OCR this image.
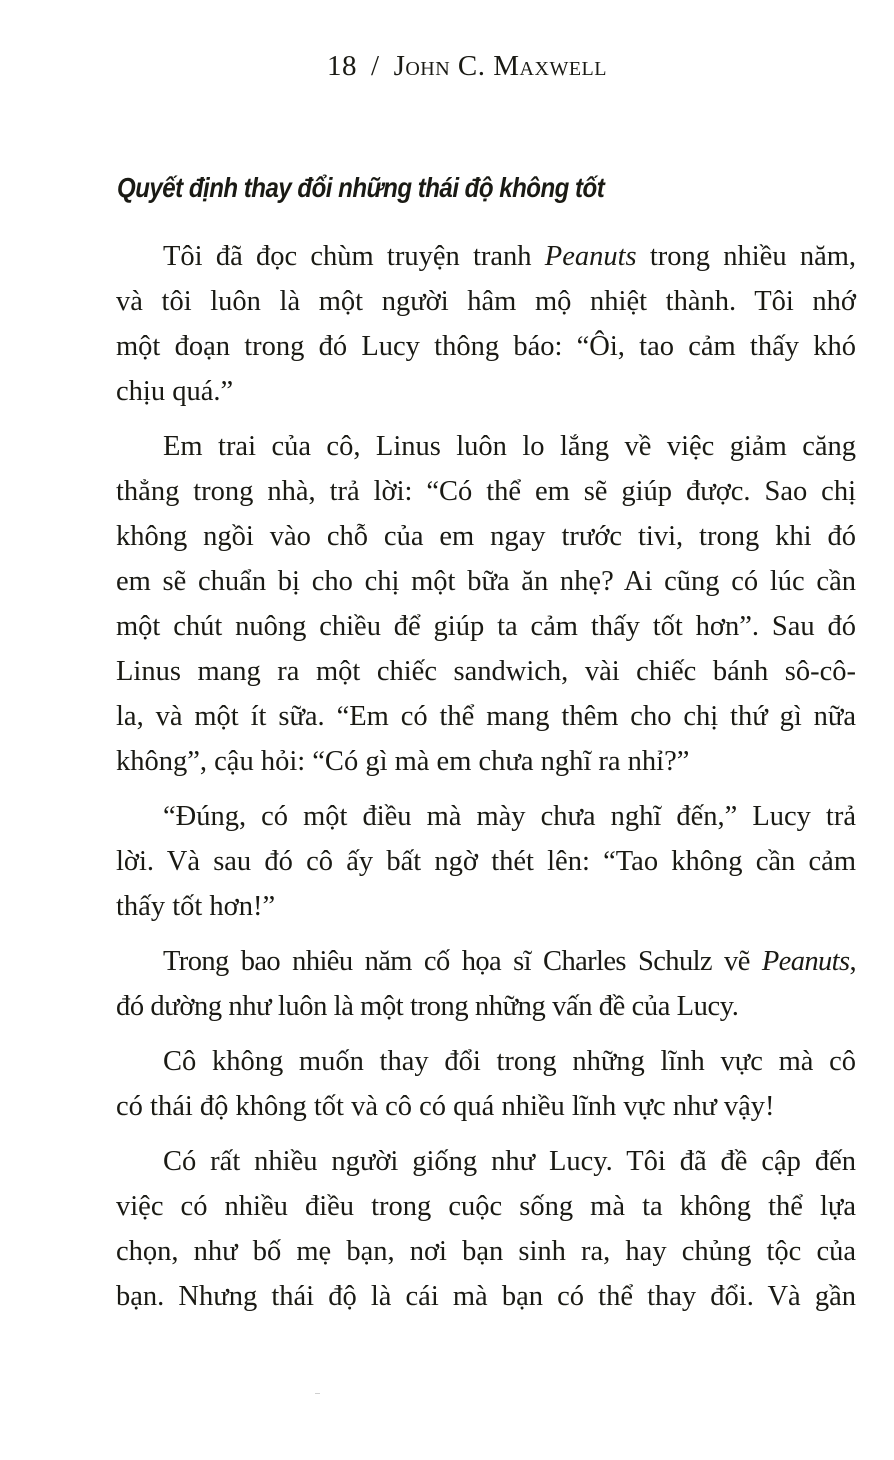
18 / John C. Maxwell
Quyết định thay đổi những thái độ không tốt

Tôi đã đọc chùm truyện tranh Peanuts trong nhiều năm,
và tôi luôn là một người hâm mộ nhiệt thành. Tôi nhớ
một đoạn trong đó Lucy thông báo: “Ôi, tao cảm thấy khó
chịu quá.”

Em trai của cô, Linus luôn lo lắng về việc giảm căng
thẳng trong nhà, trả lời: “Có thể em sẽ giúp được. Sao chị
không ngồi vào chỗ của em ngay trước tivi, trong khi đó
em sẽ chuẩn bị cho chị một bữa ăn nhẹ? Ai cũng có lúc cần
một chút nuông chiều để giúp ta cảm thấy tốt hơn”. Sau đó
Linus mang ra một chiếc sandwich, vài chiếc bánh sô-cô-
la, và một ít sữa. “Em có thể mang thêm cho chị thứ gì nữa
không”, cậu hỏi: “Có gì mà em chưa nghĩ ra nhỉ?”

“Đúng, có một điều mà mày chưa nghĩ đến,” Lucy trả
lời. Và sau đó cô ấy bất ngờ thét lên: “Tao không cần cảm
thấy tốt hơn!”

Trong bao nhiêu năm cố họa sĩ Charles Schulz vẽ Peanuts,
đó dường như luôn là một trong những vấn đề của Lucy.

Cô không muốn thay đổi trong những lĩnh vực mà cô
có thái độ không tốt và cô có quá nhiều lĩnh vực như vậy!

Có rất nhiều người giống như Lucy. Tôi đã đề cập đến
việc có nhiều điều trong cuộc sống mà ta không thể lựa
chọn, như bố mẹ bạn, nơi bạn sinh ra, hay chủng tộc của
bạn. Nhưng thái độ là cái mà bạn có thể thay đổi. Và gần
